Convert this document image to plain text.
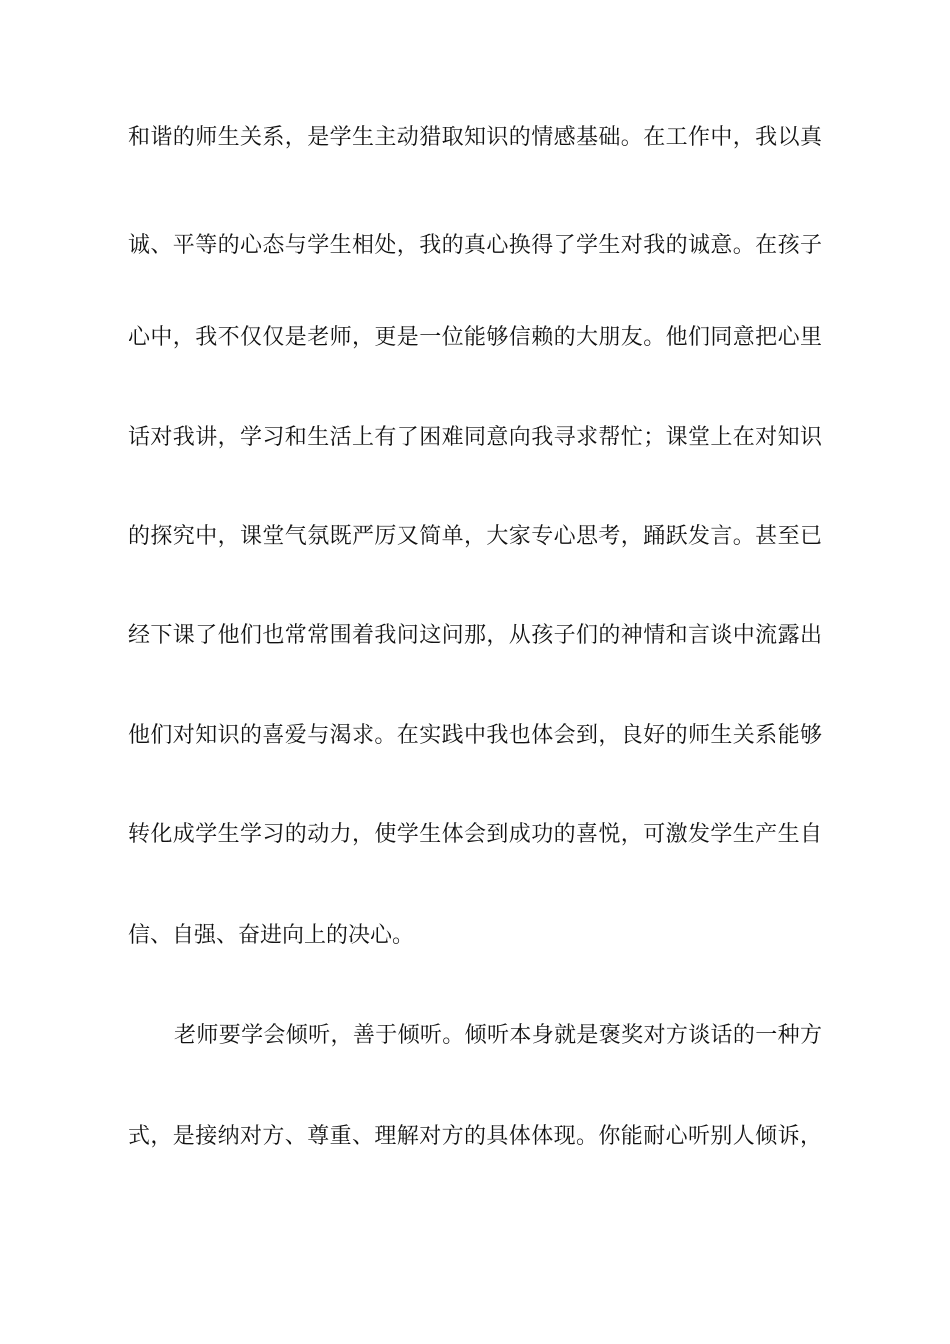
和谐的师生关系，是学生主动猎取知识的情感基础。在工作中，我以真
诚、平等的心态与学生相处，我的真心换得了学生对我的诚意。在孩子
心中，我不仅仅是老师，更是一位能够信赖的大朋友。他们同意把心里
话对我讲，学习和生活上有了困难同意向我寻求帮忙；课堂上在对知识
的探究中，课堂气氛既严厉又简单，大家专心思考，踊跃发言。甚至已
经下课了他们也常常围着我问这问那，从孩子们的神情和言谈中流露出
他们对知识的喜爱与渴求。在实践中我也体会到，良好的师生关系能够
转化成学生学习的动力，使学生体会到成功的喜悦，可激发学生产生自
信、自强、奋进向上的决心。
老师要学会倾听，善于倾听。倾听本身就是褒奖对方谈话的一种方
式，是接纳对方、尊重、理解对方的具体体现。你能耐心听别人倾诉，
